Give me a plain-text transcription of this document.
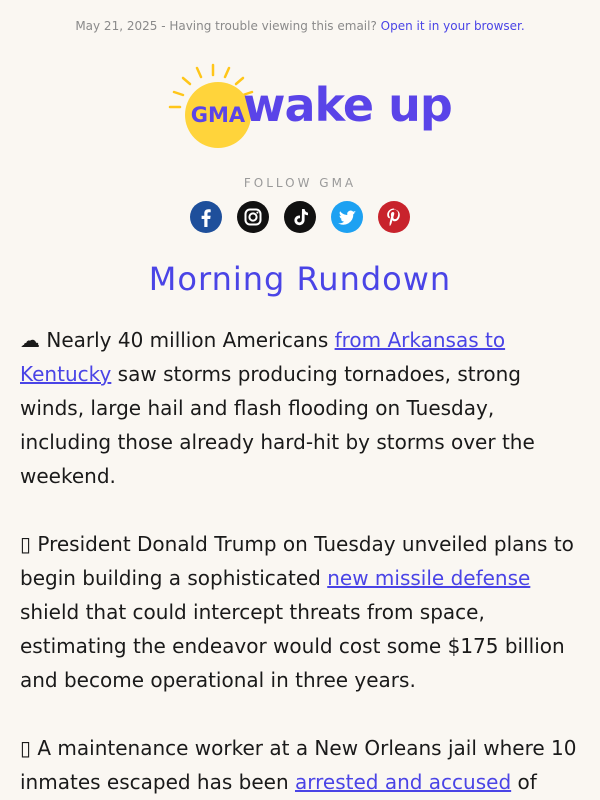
May 21, 2025 - Having trouble viewing this email? Open it in your browser.
GMA
wake up
FOLLOW GMA

Morning Rundown
☁ Nearly 40 million Americans from Arkansas to Kentucky saw storms producing tornadoes, strong winds, large hail and flash flooding on Tuesday, including those already hard-hit by storms over the weekend.
▯ President Donald Trump on Tuesday unveiled plans to begin building a sophisticated new missile defense shield that could intercept threats from space, estimating the endeavor would cost some $175 billion and become operational in three years.
▯ A maintenance worker at a New Orleans jail where 10 inmates escaped has been arrested and accused of
